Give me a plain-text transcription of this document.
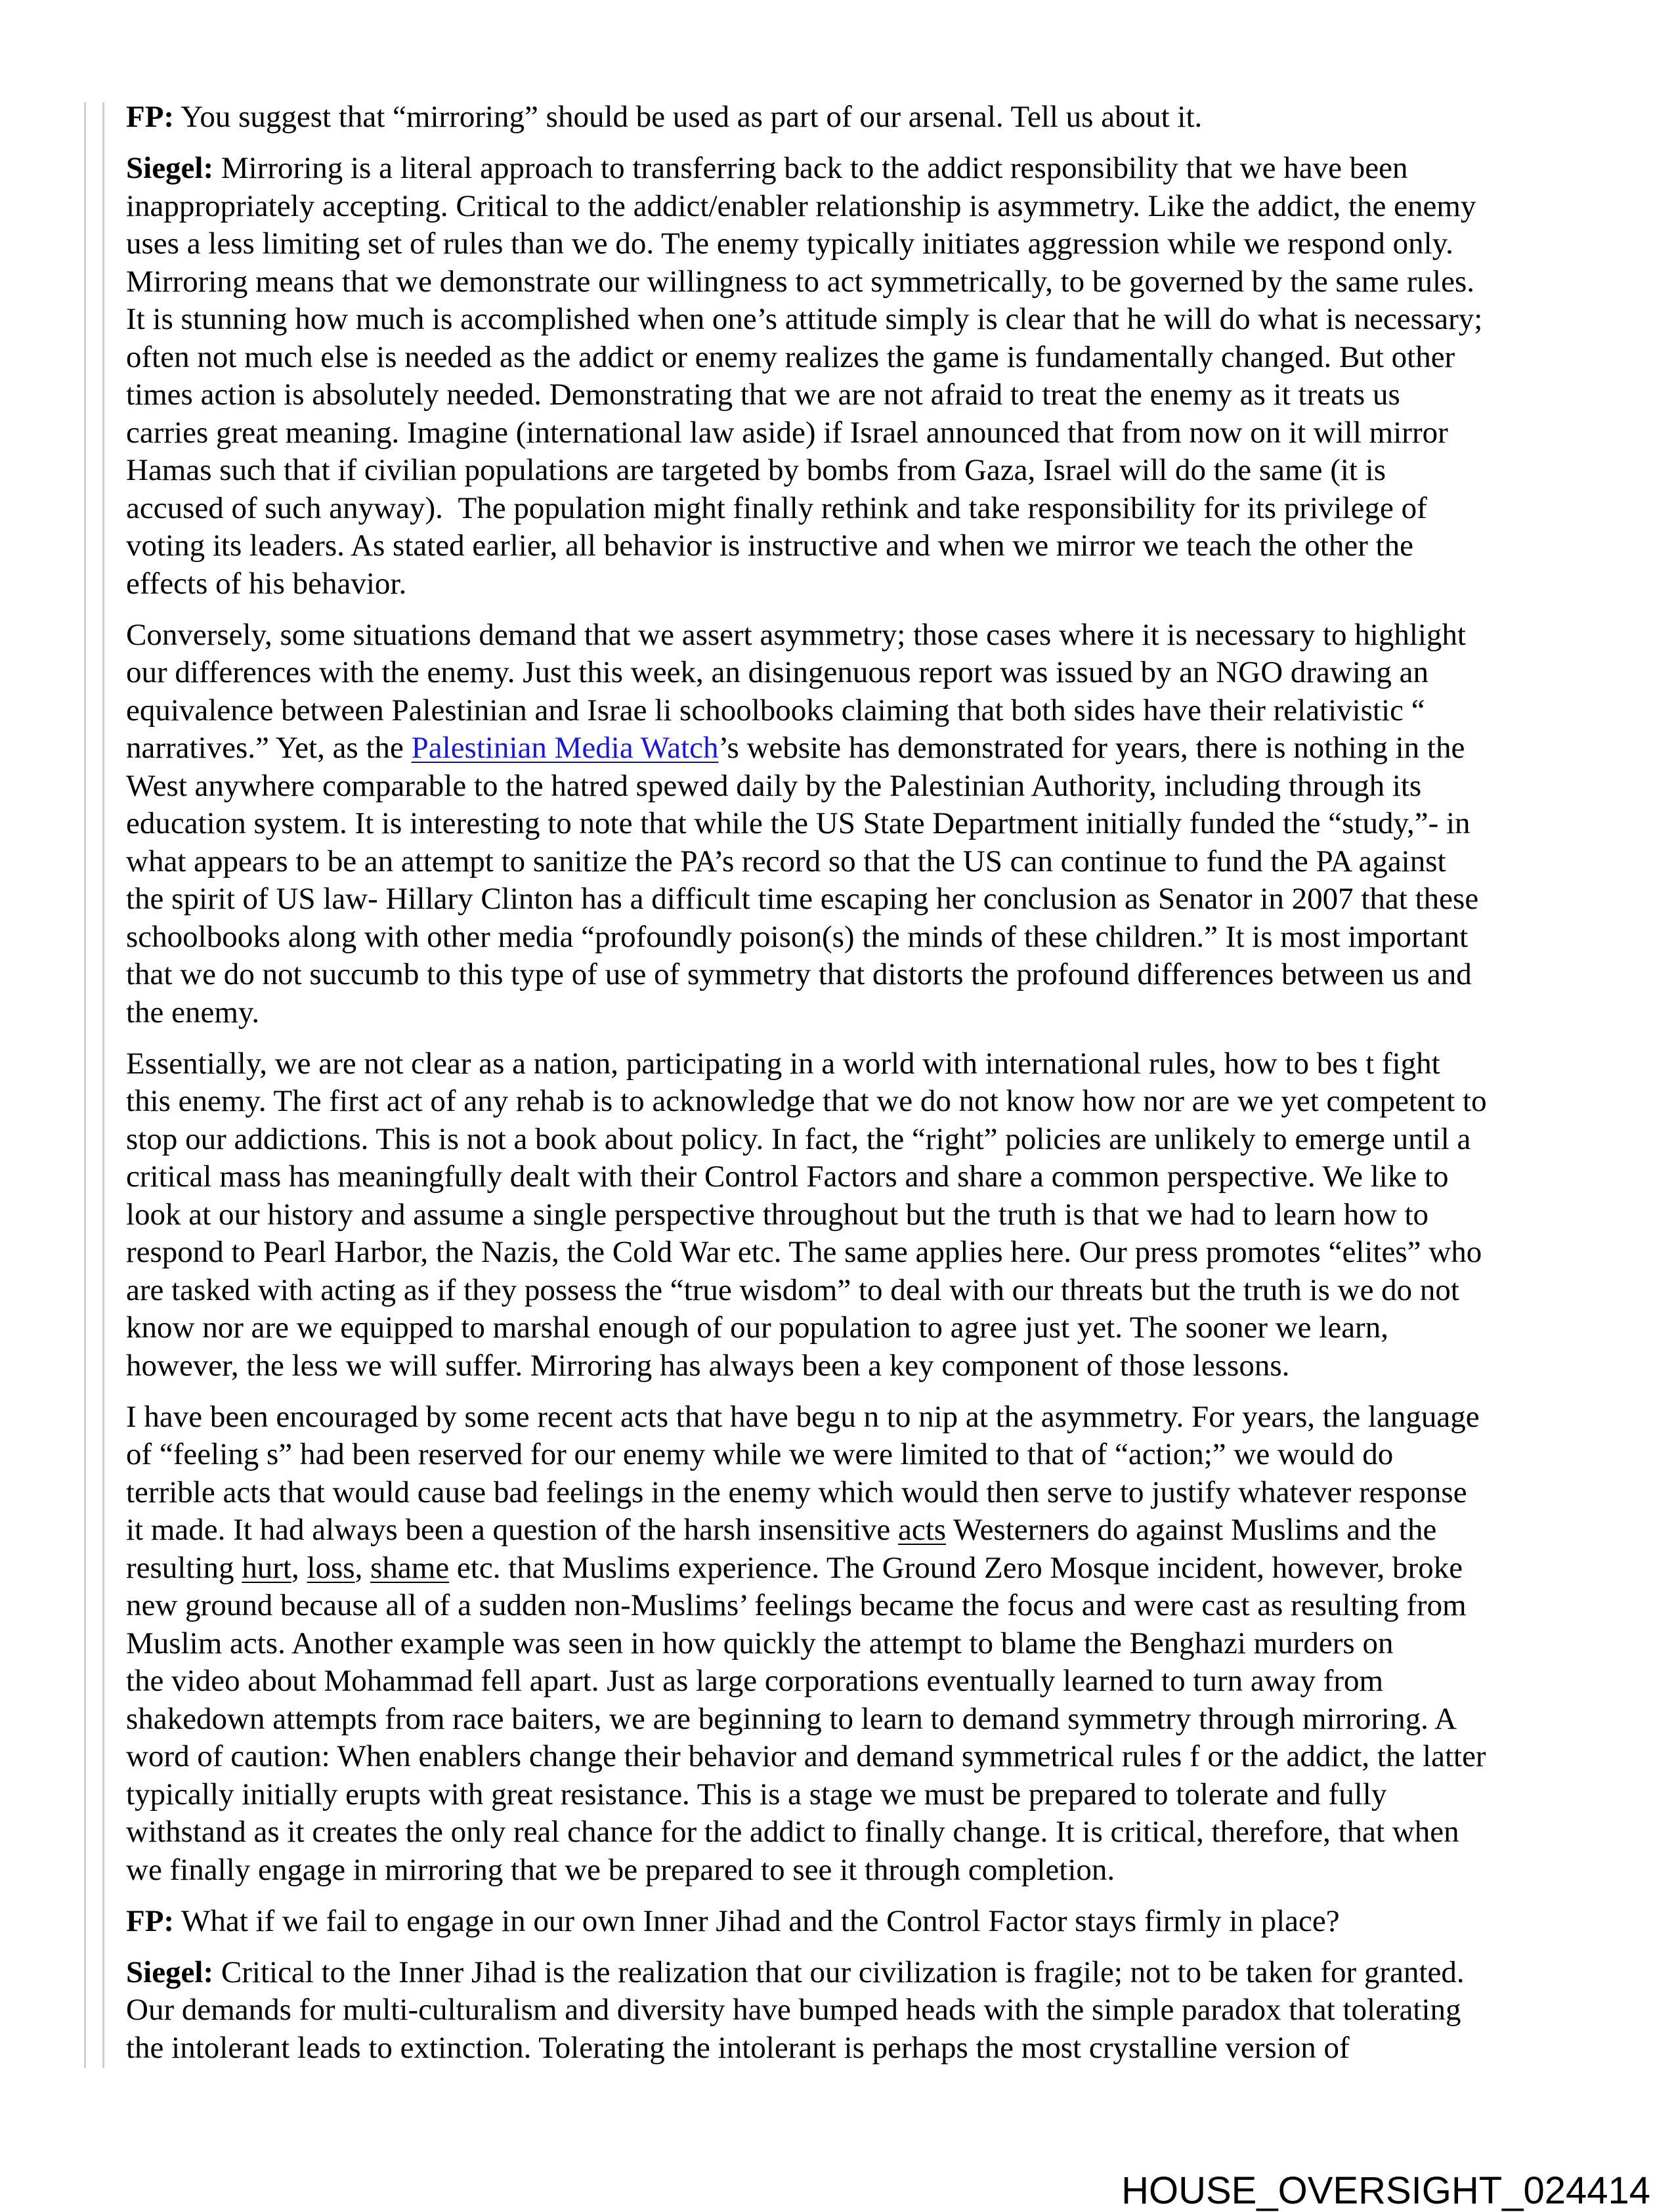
FP: You suggest that “mirroring” should be used as part of our arsenal. Tell us about it.

Siegel: Mirroring is a literal approach to transferring back to the addict responsibility that we have been
inappropriately accepting. Critical to the addict/enabler relationship is asymmetry. Like the addict, the enemy
uses a less limiting set of rules than we do. The enemy typically initiates aggression while we respond only.
Mirroring means that we demonstrate our willingness to act symmetrically, to be governed by the same rules.
It is stunning how much is accomplished when one’s attitude simply is clear that he will do what is necessary;
often not much else is needed as the addict or enemy realizes the game is fundamentally changed. But other
times action is absolutely needed. Demonstrating that we are not afraid to treat the enemy as it treats us
carries great meaning. Imagine (international law aside) if Israel announced that from now on it will mirror
Hamas such that if civilian populations are targeted by bombs from Gaza, Israel will do the same (it is
accused of such anyway).  The population might finally rethink and take responsibility for its privilege of
voting its leaders. As stated earlier, all behavior is instructive and when we mirror we teach the other the
effects of his behavior.

Conversely, some situations demand that we assert asymmetry; those cases where it is necessary to highlight
our differences with the enemy. Just this week, an disingenuous report was issued by an NGO drawing an
equivalence between Palestinian and Israe li schoolbooks claiming that both sides have their relativistic “
narratives.” Yet, as the Palestinian Media Watch’s website has demonstrated for years, there is nothing in the
West anywhere comparable to the hatred spewed daily by the Palestinian Authority, including through its
education system. It is interesting to note that while the US State Department initially funded the “study,”- in
what appears to be an attempt to sanitize the PA’s record so that the US can continue to fund the PA against
the spirit of US law- Hillary Clinton has a difficult time escaping her conclusion as Senator in 2007 that these
schoolbooks along with other media “profoundly poison(s) the minds of these children.” It is most important
that we do not succumb to this type of use of symmetry that distorts the profound differences between us and
the enemy.

Essentially, we are not clear as a nation, participating in a world with international rules, how to bes t fight
this enemy. The first act of any rehab is to acknowledge that we do not know how nor are we yet competent to
stop our addictions. This is not a book about policy. In fact, the “right” policies are unlikely to emerge until a
critical mass has meaningfully dealt with their Control Factors and share a common perspective. We like to
look at our history and assume a single perspective throughout but the truth is that we had to learn how to
respond to Pearl Harbor, the Nazis, the Cold War etc. The same applies here. Our press promotes “elites” who
are tasked with acting as if they possess the “true wisdom” to deal with our threats but the truth is we do not
know nor are we equipped to marshal enough of our population to agree just yet. The sooner we learn,
however, the less we will suffer. Mirroring has always been a key component of those lessons.

I have been encouraged by some recent acts that have begu n to nip at the asymmetry. For years, the language
of “feeling s” had been reserved for our enemy while we were limited to that of “action;” we would do
terrible acts that would cause bad feelings in the enemy which would then serve to justify whatever response
it made. It had always been a question of the harsh insensitive acts Westerners do against Muslims and the
resulting hurt, loss, shame etc. that Muslims experience. The Ground Zero Mosque incident, however, broke
new ground because all of a sudden non-Muslims’ feelings became the focus and were cast as resulting from
Muslim acts. Another example was seen in how quickly the attempt to blame the Benghazi murders on
the video about Mohammad fell apart. Just as large corporations eventually learned to turn away from
shakedown attempts from race baiters, we are beginning to learn to demand symmetry through mirroring. A
word of caution: When enablers change their behavior and demand symmetrical rules f or the addict, the latter
typically initially erupts with great resistance. This is a stage we must be prepared to tolerate and fully
withstand as it creates the only real chance for the addict to finally change. It is critical, therefore, that when
we finally engage in mirroring that we be prepared to see it through completion.

FP: What if we fail to engage in our own Inner Jihad and the Control Factor stays firmly in place?

Siegel: Critical to the Inner Jihad is the realization that our civilization is fragile; not to be taken for granted.
Our demands for multi-culturalism and diversity have bumped heads with the simple paradox that tolerating
the intolerant leads to extinction. Tolerating the intolerant is perhaps the most crystalline version of

HOUSE_OVERSIGHT_024414
